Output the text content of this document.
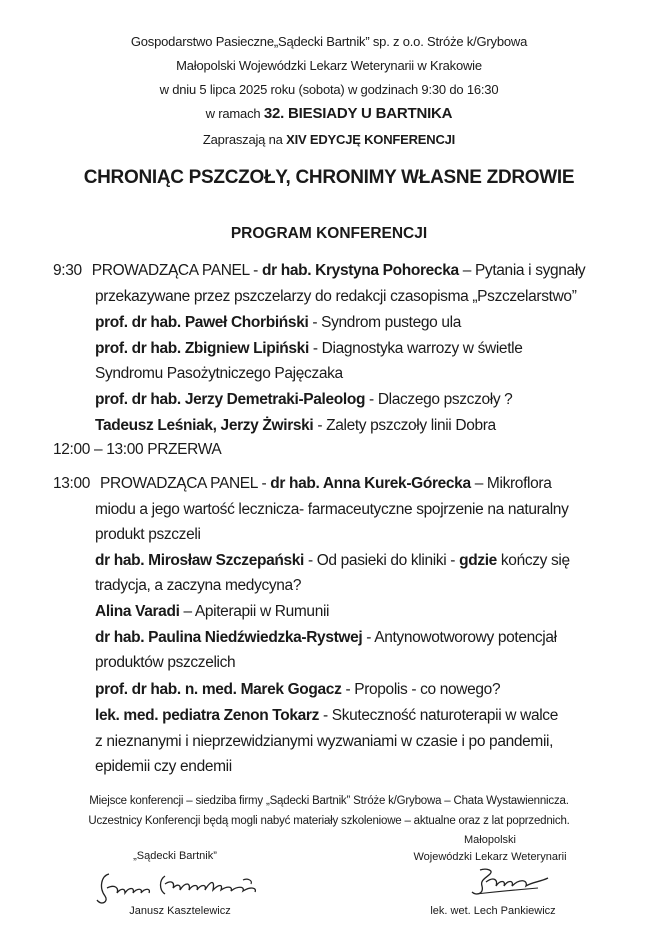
Gospodarstwo Pasieczne„Sądecki Bartnik” sp. z o.o. Stróże k/Grybowa
Małopolski Wojewódzki Lekarz Weterynarii w Krakowie
w dniu 5 lipca 2025 roku (sobota) w godzinach 9:30 do 16:30
w ramach 32. BIESIADY U BARTNIKA
Zapraszają na XIV EDYCJĘ KONFERENCJI
CHRONIĄC PSZCZOŁY, CHRONIMY WŁASNE ZDROWIE
PROGRAM KONFERENCJI
9:30 PROWADZĄCA PANEL - dr hab. Krystyna Pohorecka – Pytania i sygnały
przekazywane przez pszczelarzy do redakcji czasopisma „Pszczelarstwo”
prof. dr hab. Paweł Chorbiński - Syndrom pustego ula
prof. dr hab. Zbigniew Lipiński - Diagnostyka warrozy w świetle
Syndromu Pasożytniczego Pajęczaka
prof. dr hab. Jerzy Demetraki-Paleolog - Dlaczego pszczoły ?
Tadeusz Leśniak, Jerzy Żwirski - Zalety pszczoły linii Dobra
12:00 – 13:00 PRZERWA
13:00 PROWADZĄCA PANEL - dr hab. Anna Kurek-Górecka – Mikroflora
miodu a jego wartość lecznicza- farmaceutyczne spojrzenie na naturalny
produkt pszczeli
dr hab. Mirosław Szczepański - Od pasieki do kliniki - gdzie kończy się
tradycja, a zaczyna medycyna?
Alina Varadi – Apiterapii w Rumunii
dr hab. Paulina Niedźwiedzka-Rystwej - Antynowotworowy potencjał
produktów pszczelich
prof. dr hab. n. med. Marek Gogacz - Propolis - co nowego?
lek. med. pediatra Zenon Tokarz - Skuteczność naturoterapii w walce
z nieznanymi i nieprzewidzianymi wyzwaniami w czasie i po pandemii,
epidemii czy endemii
Miejsce konferencji – siedziba firmy „Sądecki Bartnik” Stróże k/Grybowa – Chata Wystawiennicza.
Uczestnicy Konferencji będą mogli nabyć materiały szkoleniowe – aktualne oraz z lat poprzednich.
Małopolski
Wojewódzki Lekarz Weterynarii
„Sądecki Bartnik”
Janusz Kasztelewicz	lek. wet. Lech Pankiewicz
